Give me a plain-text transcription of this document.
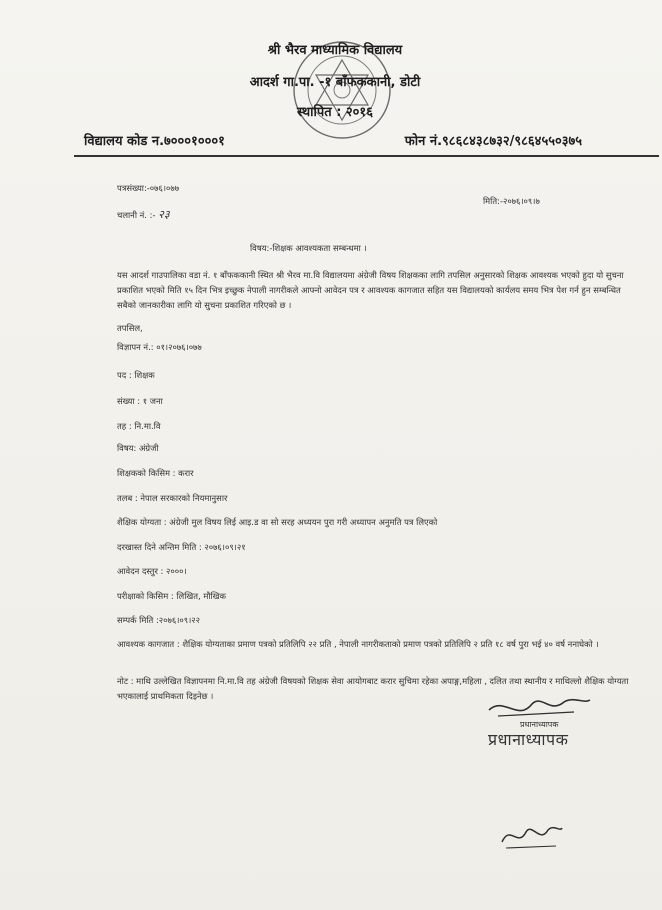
श्री भैरव माध्यामिक विद्यालय
आदर्श गा.पा. -१ बाँफककानी, डोटी
स्थापित : २०१६
विद्यालय कोड न.७०००१०००१	फोन नं.९८६८४३८७३२/९८६४५५०३७५
पत्रसंख्या:-०७६।०७७
मिति:-२०७६।०९।७
चलानी नं. :- २३
विषय:-शिक्षक आवश्यकता सम्बन्धमा ।
यस आदर्श गाउपालिका वडा नं. १ बाँफककानी स्थित श्री भैरव मा.वि विद्यालयमा अंग्रेजी विषय शिक्षकका लागि तपसिल अनुसारको शिक्षक आवश्यक भएको हुदा यो सुचना प्रकाशित भएको मिति १५ दिन भित्र इच्छुक नेपाली नागरीकले आफ्नो आवेदन पत्र र आवश्यक कागजात सहित यस विद्यालयको कार्यलय समय भित्र पेश गर्न हुन सम्बन्धित सबैको जानकारीका लागि यो सुचना प्रकाशित गरिएको छ ।
तपसिल,
विज्ञापन नं.: ०१।२०७६।०७७
पद : शिक्षक
संख्या : १ जना
तह : नि.मा.वि
विषय: अंग्रेजी
शिक्षकको किसिम : करार
तलब : नेपाल सरकारको नियमानुसार
शैक्षिक योग्यता : अंग्रेजी मुल विषय लिई आइ.ड वा सो सरह अध्ययन पुरा गरी अध्यापन अनुमति पत्र लिएको
दरखास्त दिने अन्तिम मिति : २०७६।०९।२१
आवेदन दस्तुर : २०००।
परीक्षाको किसिम : लिखित, मौखिक
सम्पर्क मिति :२०७६।०९।२२
आवश्यक कागजात : शैक्षिक योग्यताका प्रमाण पत्रको प्रतिलिपि २२ प्रति , नेपाली नागरीकताको प्रमाण पत्रको प्रतिलिपि २ प्रति १८ वर्ष पुरा भई ४० वर्ष ननाघेको ।
नोट : माथि उल्लेखित विज्ञापनमा नि.मा.वि तह अंग्रेजी विषयको शिक्षक सेवा आयोगबाट करार सुचिमा रहेका अपाङ्ग,महिला , दलित तथा स्थानीय र माथिल्लो शैक्षिक योग्यता भएकालाई प्राथमिकता दिइनेछ ।
प्रधानाध्यापक
प्रधानाध्यापक
